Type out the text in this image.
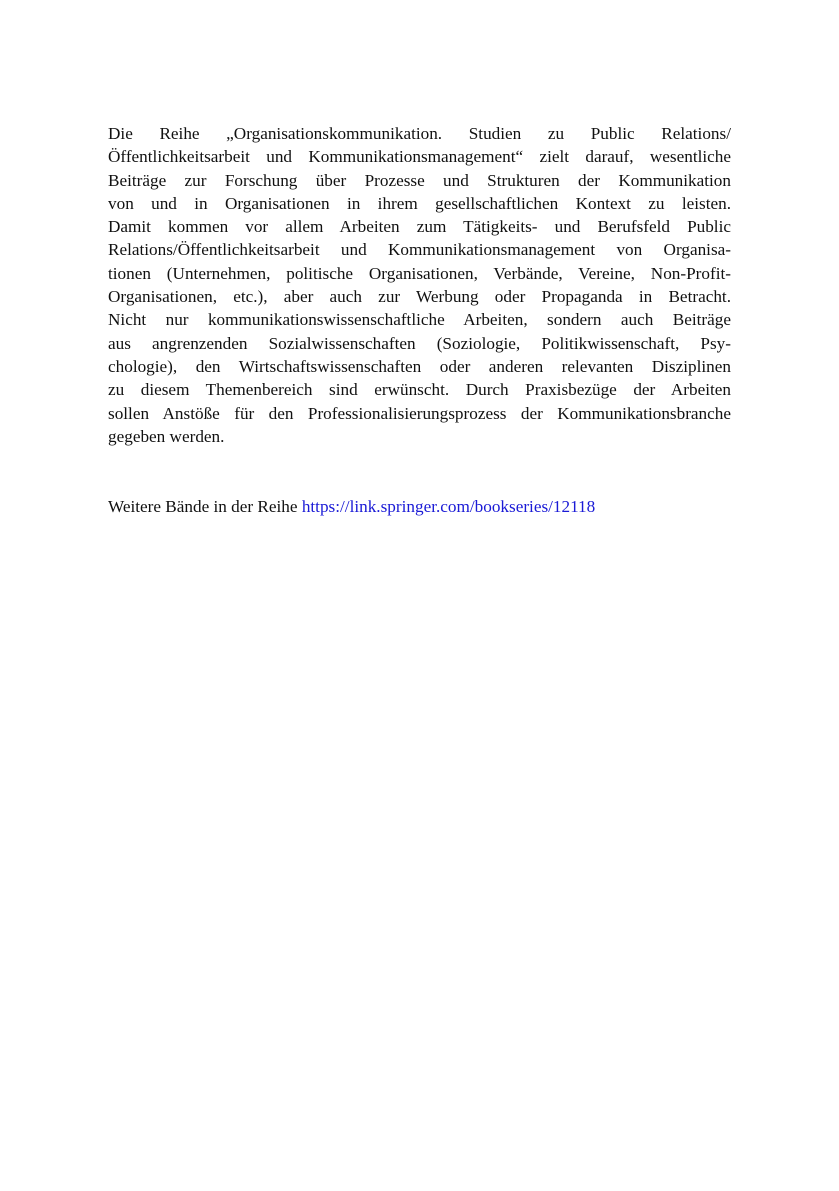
Die Reihe „Organisationskommunikation. Studien zu Public Relations/
Öffentlichkeitsarbeit und Kommunikationsmanagement“ zielt darauf, wesentliche
Beiträge zur Forschung über Prozesse und Strukturen der Kommunikation
von und in Organisationen in ihrem gesellschaftlichen Kontext zu leisten.
Damit kommen vor allem Arbeiten zum Tätigkeits- und Berufsfeld Public
Relations/Öffentlichkeitsarbeit und Kommunikationsmanagement von Organisa-
tionen (Unternehmen, politische Organisationen, Verbände, Vereine, Non-Profit-
Organisationen, etc.), aber auch zur Werbung oder Propaganda in Betracht.
Nicht nur kommunikationswissenschaftliche Arbeiten, sondern auch Beiträge
aus angrenzenden Sozialwissenschaften (Soziologie, Politikwissenschaft, Psy-
chologie), den Wirtschaftswissenschaften oder anderen relevanten Disziplinen
zu diesem Themenbereich sind erwünscht. Durch Praxisbezüge der Arbeiten
sollen Anstöße für den Professionalisierungsprozess der Kommunikationsbranche
gegeben werden.
Weitere Bände in der Reihe https://link.springer.com/bookseries/12118
